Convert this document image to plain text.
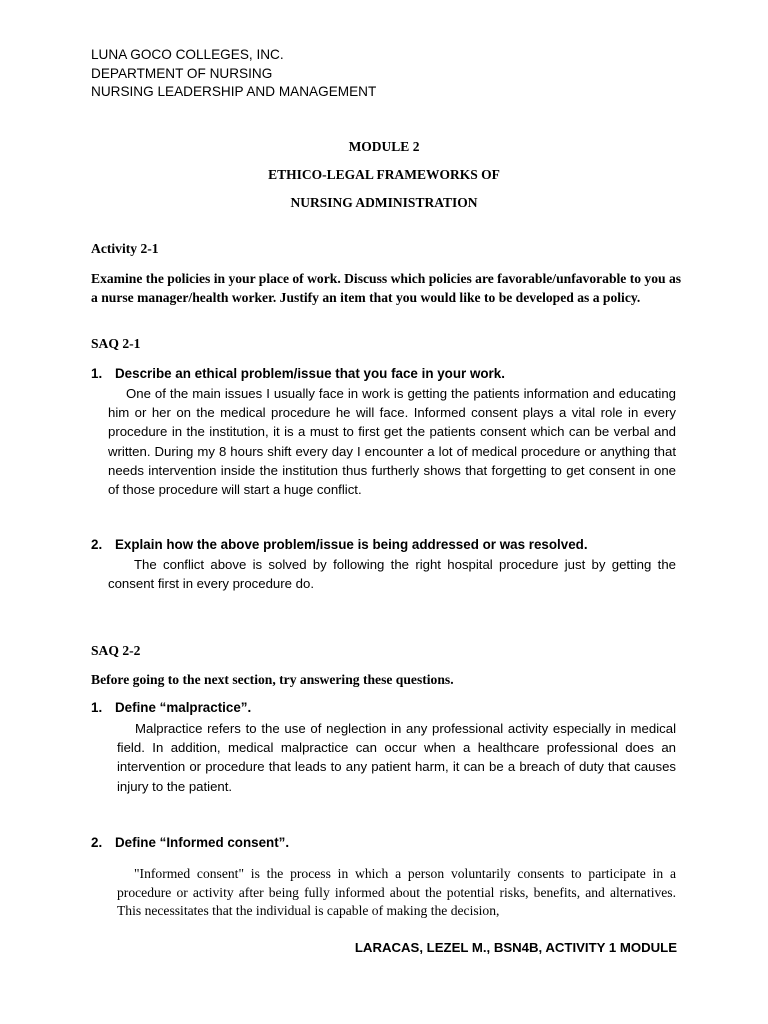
LUNA GOCO COLLEGES, INC.
DEPARTMENT OF NURSING
NURSING LEADERSHIP AND MANAGEMENT
MODULE 2
ETHICO-LEGAL FRAMEWORKS OF
NURSING ADMINISTRATION
Activity 2-1
Examine the policies in your place of work. Discuss which policies are favorable/unfavorable to you as a nurse manager/health worker. Justify an item that you would like to be developed as a policy.
SAQ 2-1
1. Describe an ethical problem/issue that you face in your work.
One of the main issues I usually face in work is getting the patients information and educating him or her on the medical procedure he will face. Informed consent plays a vital role in every procedure in the institution, it is a must to first get the patients consent which can be verbal and written. During my 8 hours shift every day I encounter a lot of medical procedure or anything that needs intervention inside the institution thus furtherly shows that forgetting to get consent in one of those procedure will start a huge conflict.
2. Explain how the above problem/issue is being addressed or was resolved.
The conflict above is solved by following the right hospital procedure just by getting the consent first in every procedure do.
SAQ 2-2
Before going to the next section, try answering these questions.
1. Define “malpractice”.
Malpractice refers to the use of neglection in any professional activity especially in medical field. In addition, medical malpractice can occur when a healthcare professional does an intervention or procedure that leads to any patient harm, it can be a breach of duty that causes injury to the patient.
2. Define “Informed consent”.
"Informed consent" is the process in which a person voluntarily consents to participate in a procedure or activity after being fully informed about the potential risks, benefits, and alternatives. This necessitates that the individual is capable of making the decision,
LARACAS, LEZEL M., BSN4B, ACTIVITY 1 MODULE
